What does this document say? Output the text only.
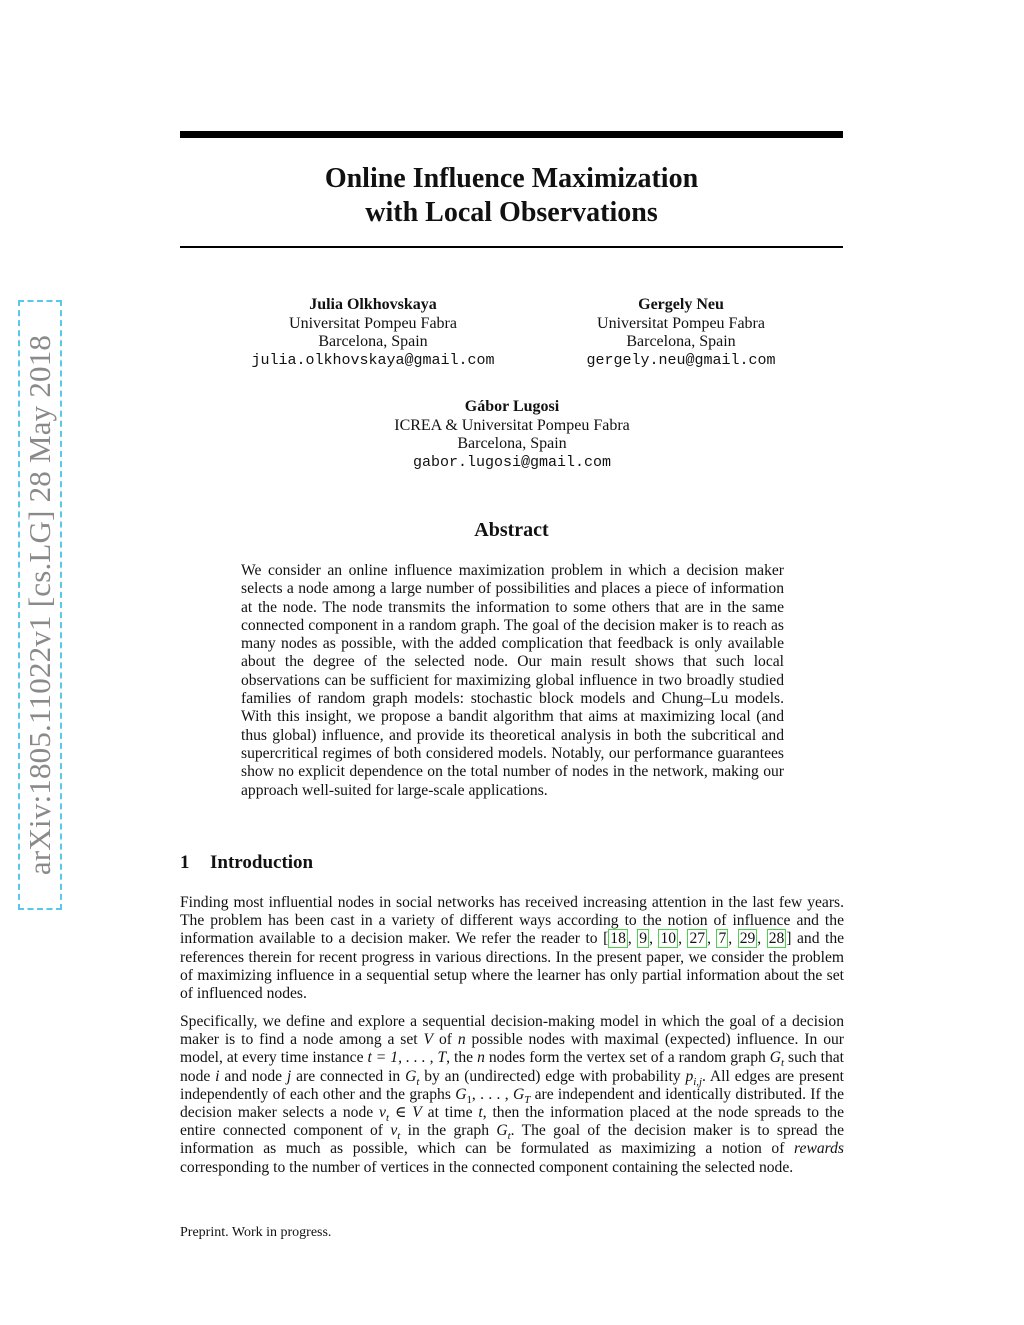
arXiv:1805.11022v1 [cs.LG] 28 May 2018
Online Influence Maximization
with Local Observations
Julia Olkhovskaya
Universitat Pompeu Fabra
Barcelona, Spain
julia.olkhovskaya@gmail.com
Gergely Neu
Universitat Pompeu Fabra
Barcelona, Spain
gergely.neu@gmail.com
Gábor Lugosi
ICREA & Universitat Pompeu Fabra
Barcelona, Spain
gabor.lugosi@gmail.com
Abstract
We consider an online influence maximization problem in which a decision maker selects a node among a large number of possibilities and places a piece of information at the node. The node transmits the information to some others that are in the same connected component in a random graph. The goal of the decision maker is to reach as many nodes as possible, with the added complication that feedback is only available about the degree of the selected node. Our main result shows that such local observations can be sufficient for maximizing global influence in two broadly studied families of random graph models: stochastic block models and Chung–Lu models. With this insight, we propose a bandit algorithm that aims at maximizing local (and thus global) influence, and provide its theoretical analysis in both the subcritical and supercritical regimes of both considered models. Notably, our performance guarantees show no explicit dependence on the total number of nodes in the network, making our approach well-suited for large-scale applications.
1 Introduction
Finding most influential nodes in social networks has received increasing attention in the last few years. The problem has been cast in a variety of different ways according to the notion of influence and the information available to a decision maker. We refer the reader to [ 18 , 9 , 10 , 27 , 7 , 29 , 28 ] and the references therein for recent progress in various directions. In the present paper, we consider the problem of maximizing influence in a sequential setup where the learner has only partial information about the set of influenced nodes.
Specifically, we define and explore a sequential decision-making model in which the goal of a decision maker is to find a node among a set V of n possible nodes with maximal (expected) influence. In our model, at every time instance t = 1, . . . , T, the n nodes form the vertex set of a random graph $G_t$ such that node i and node j are connected in $G_t$ by an (undirected) edge with probability $p_{i,j}$. All edges are present independently of each other and the graphs $G_1$, . . . , $G_T$ are independent and identically distributed. If the decision maker selects a node $v_t$ ∈ V at time t, then the information placed at the node spreads to the entire connected component of $v_t$ in the graph $G_t$. The goal of the decision maker is to spread the information as much as possible, which can be formulated as maximizing a notion of rewards corresponding to the number of vertices in the connected component containing the selected node.
Preprint. Work in progress.
